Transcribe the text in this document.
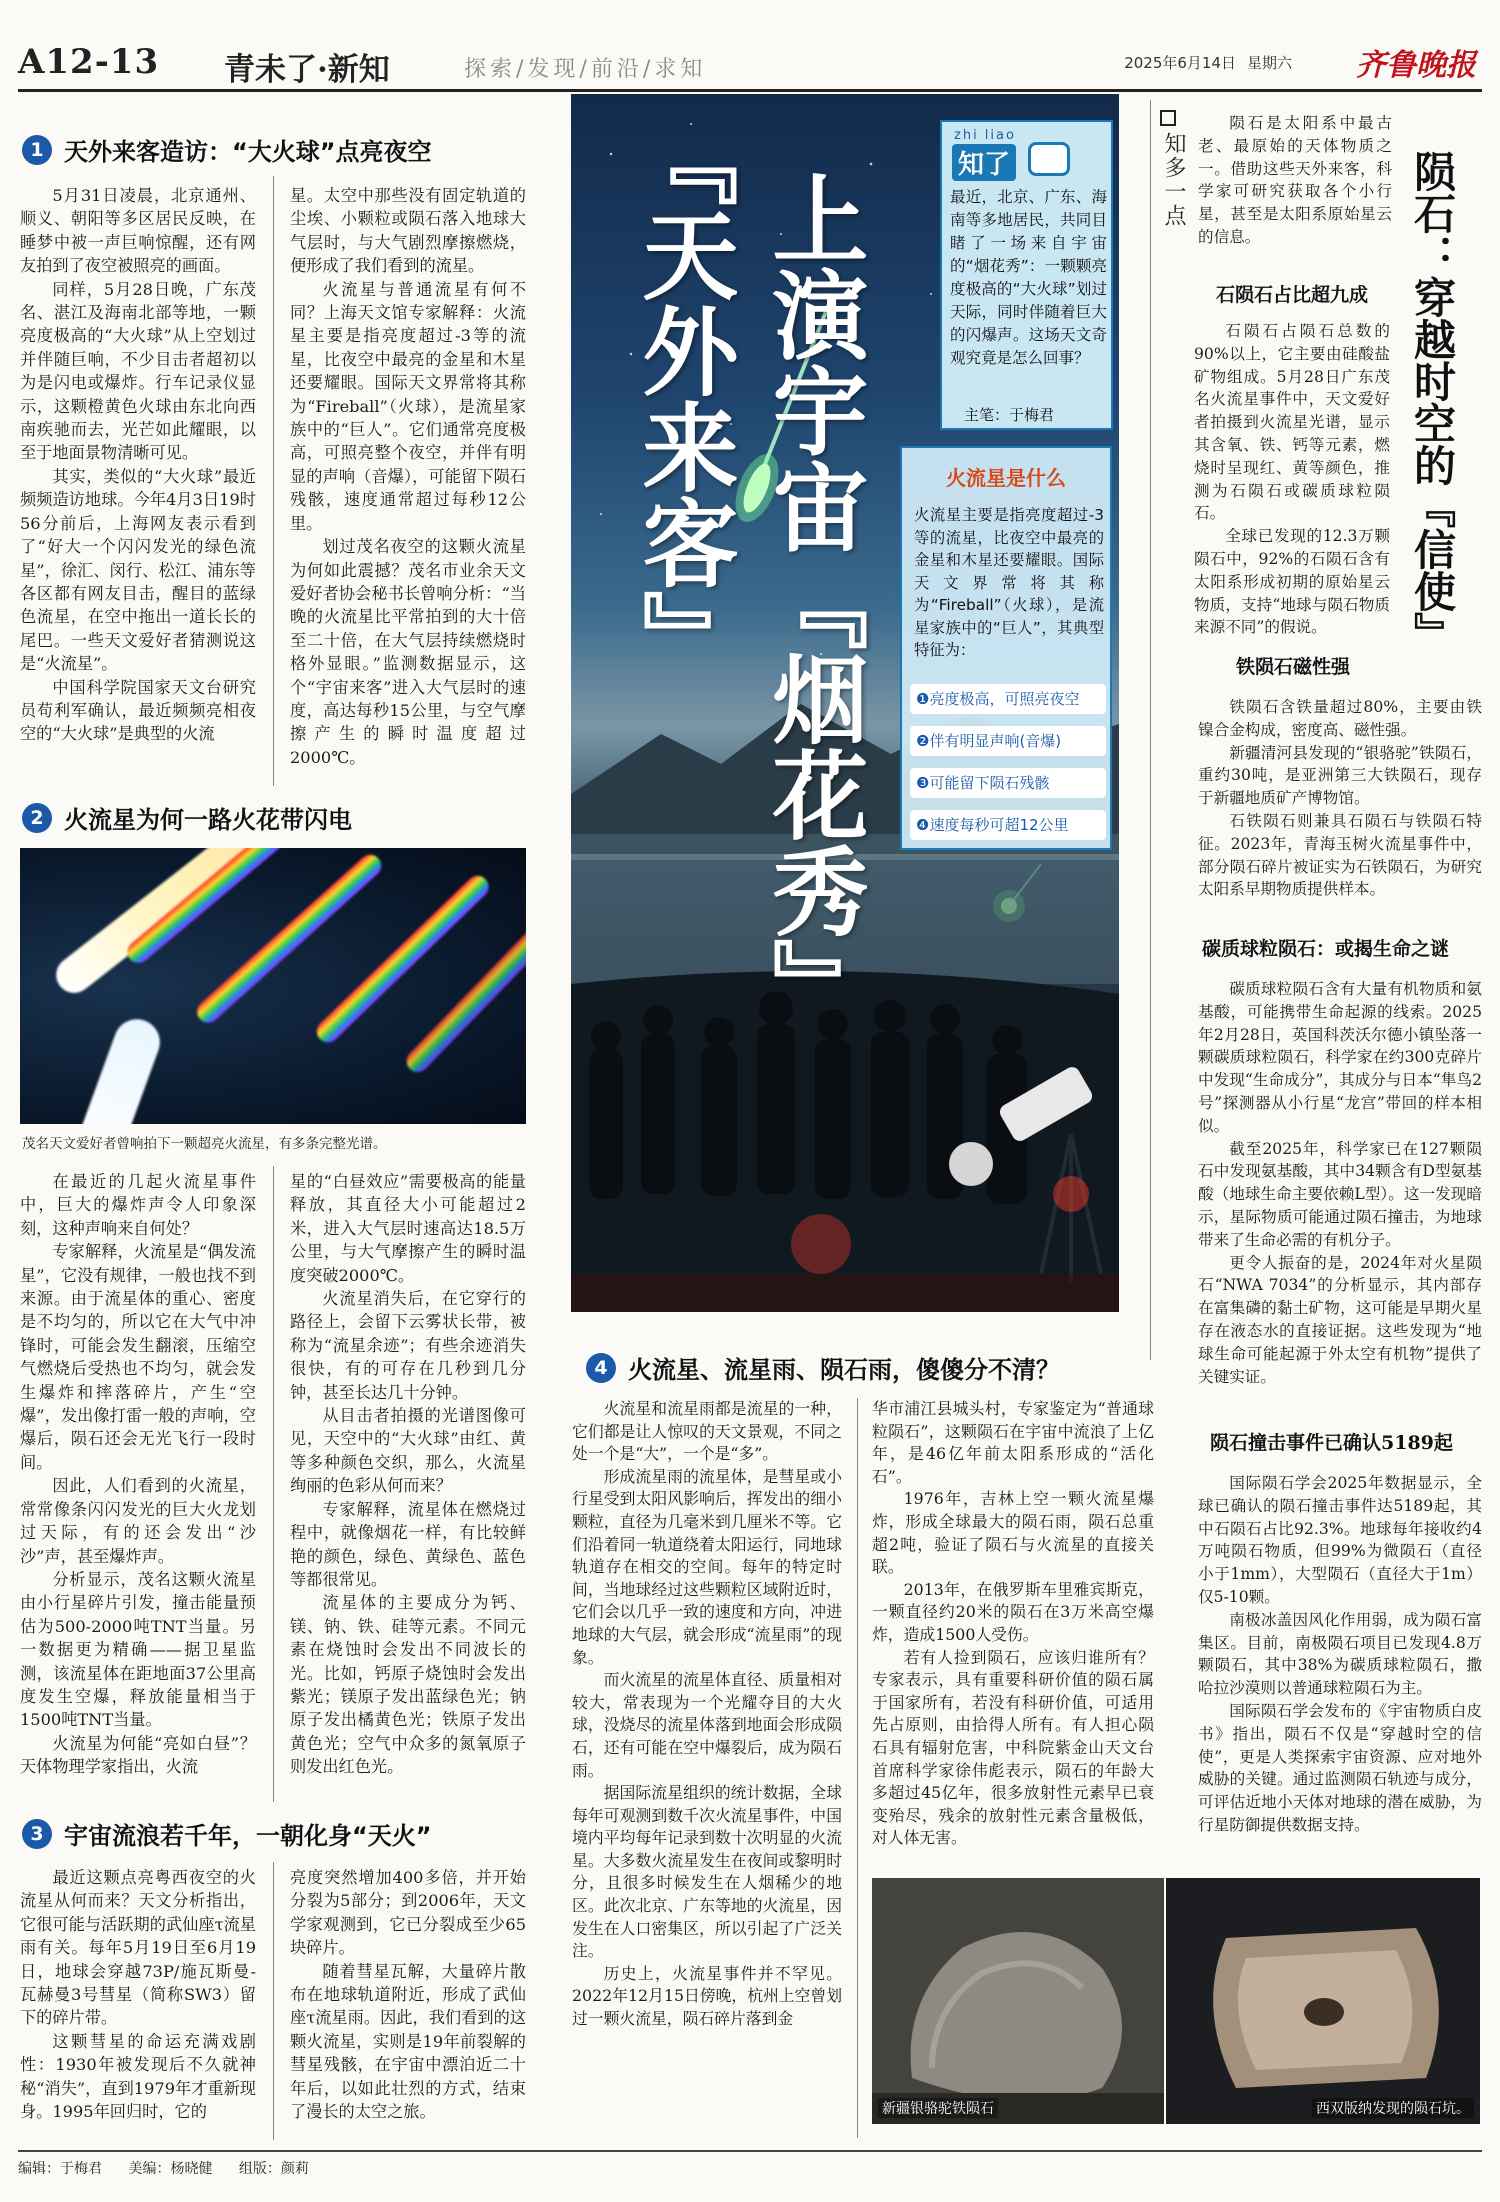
A12-13 青未了·新知	探索/发现/前沿/求知	2025年6月14日 星期六 齐鲁晚报
1 天外来客造访：“大火球”点亮夜空

5月31日凌晨，北京通州、顺义、朝阳等多区居民反映，在睡梦中被一声巨响惊醒，还有网友拍到了夜空被照亮的画面。

同样，5月28日晚，广东茂名、湛江及海南北部等地，一颗亮度极高的“大火球”从上空划过并伴随巨响，不少目击者超初以为是闪电或爆炸。行车记录仪显示，这颗橙黄色火球由东北向西南疾驰而去，光芒如此耀眼，以至于地面景物清晰可见。

其实，类似的“大火球”最近频频造访地球。今年4月3日19时56分前后，上海网友表示看到了“好大一个闪闪发光的绿色流星”，徐汇、闵行、松江、浦东等各区都有网友目击，醒目的蓝绿色流星，在空中拖出一道长长的尾巴。一些天文爱好者猜测说这是“火流星”。

中国科学院国家天文台研究员苟利军确认，最近频频亮相夜空的“大火球”是典型的火流

星。太空中那些没有固定轨道的尘埃、小颗粒或陨石落入地球大气层时，与大气剧烈摩擦燃烧，便形成了我们看到的流星。

火流星与普通流星有何不同？上海天文馆专家解释：火流星主要是指亮度超过-3等的流星，比夜空中最亮的金星和木星还要耀眼。国际天文界常将其称为“Fireball”（火球），是流星家族中的“巨人”。它们通常亮度极高，可照亮整个夜空，并伴有明显的声响（音爆），可能留下陨石残骸，速度通常超过每秒12公里。

划过茂名夜空的这颗火流星为何如此震撼？茂名市业余天文爱好者协会秘书长曾响分析：“当晚的火流星比平常拍到的大十倍至二十倍，在大气层持续燃烧时格外显眼。”监测数据显示，这个“宇宙来客”进入大气层时的速度，高达每秒15公里，与空气摩擦产生的瞬时温度超过2000℃。

2 火流星为何一路火花带闪电
茂名天文爱好者曾响拍下一颗超亮火流星，有多条完整光谱。

在最近的几起火流星事件中，巨大的爆炸声令人印象深刻，这种声响来自何处？

专家解释，火流星是“偶发流星”，它没有规律，一般也找不到来源。由于流星体的重心、密度是不均匀的，所以它在大气中冲锋时，可能会发生翻滚，压缩空气燃烧后受热也不均匀，就会发生爆炸和摔落碎片，产生“空爆”，发出像打雷一般的声响，空爆后，陨石还会无光飞行一段时间。

因此，人们看到的火流星，常常像条闪闪发光的巨大火龙划过天际，有的还会发出“沙沙”声，甚至爆炸声。

分析显示，茂名这颗火流星由小行星碎片引发，撞击能量预估为500-2000吨TNT当量。另一数据更为精确——据卫星监测，该流星体在距地面37公里高度发生空爆，释放能量相当于1500吨TNT当量。

火流星为何能“亮如白昼”？天体物理学家指出，火流

星的“白昼效应”需要极高的能量释放，其直径大小可能超过2米，进入大气层时速高达18.5万公里，与大气摩擦产生的瞬时温度突破2000℃。

火流星消失后，在它穿行的路径上，会留下云雾状长带，被称为“流星余迹”；有些余迹消失很快，有的可存在几秒到几分钟，甚至长达几十分钟。

从目击者拍摄的光谱图像可见，天空中的“大火球”由红、黄等多种颜色交织，那么，火流星绚丽的色彩从何而来？

专家解释，流星体在燃烧过程中，就像烟花一样，有比较鲜艳的颜色，绿色、黄绿色、蓝色等都很常见。

流星体的主要成分为钙、镁、钠、铁、硅等元素。不同元素在烧蚀时会发出不同波长的光。比如，钙原子烧蚀时会发出紫光；镁原子发出蓝绿色光；钠原子发出橘黄色光；铁原子发出黄色光；空气中众多的氮氧原子则发出红色光。

3 宇宙流浪若千年，一朝化身“天火”

最近这颗点亮粤西夜空的火流星从何而来？天文分析指出，它很可能与活跃期的武仙座τ流星雨有关。每年5月19日至6月19日，地球会穿越73P/施瓦斯曼-瓦赫曼3号彗星（简称SW3）留下的碎片带。

这颗彗星的命运充满戏剧性：1930年被发现后不久就神秘“消失”，直到1979年才重新现身。1995年回归时，它的

亮度突然增加400多倍，并开始分裂为5部分；到2006年，天文学家观测到，它已分裂成至少65块碎片。

随着彗星瓦解，大量碎片散布在地球轨道附近，形成了武仙座τ流星雨。因此，我们看到的这颗火流星，实则是19年前裂解的彗星残骸，在宇宙中漂泊近二十年后，以如此壮烈的方式，结束了漫长的太空之旅。

『天外来客』 上演宇宙『烟花秀』
zhi liao
知了
最近，北京、广东、海南等多地居民，共同目睹了一场来自宇宙的“烟花秀”：一颗颗亮度极高的“大火球”划过天际，同时伴随着巨大的闪爆声。这场天文奇观究竟是怎么回事？
主笔：于梅君
火流星是什么
火流星主要是指亮度超过-3等的流星，比夜空中最亮的金星和木星还要耀眼。国际天文界常将其称为“Fireball”（火球），是流星家族中的“巨人”，其典型特征为：
❶亮度极高，可照亮夜空
❷伴有明显声响(音爆)
❸可能留下陨石残骸
❹速度每秒可超12公里
4 火流星、流星雨、陨石雨，傻傻分不清？

火流星和流星雨都是流星的一种，它们都是让人惊叹的天文景观，不同之处一个是“大”，一个是“多”。

形成流星雨的流星体，是彗星或小行星受到太阳风影响后，挥发出的细小颗粒，直径为几毫米到几厘米不等。它们沿着同一轨道绕着太阳运行，同地球轨道存在相交的空间。每年的特定时间，当地球经过这些颗粒区域附近时，它们会以几乎一致的速度和方向，冲进地球的大气层，就会形成“流星雨”的现象。

而火流星的流星体直径、质量相对较大，常表现为一个光耀夺目的大火球，没烧尽的流星体落到地面会形成陨石，还有可能在空中爆裂后，成为陨石雨。

据国际流星组织的统计数据，全球每年可观测到数千次火流星事件，中国境内平均每年记录到数十次明显的火流星。大多数火流星发生在夜间或黎明时分，且很多时候发生在人烟稀少的地区。此次北京、广东等地的火流星，因发生在人口密集区，所以引起了广泛关注。

历史上，火流星事件并不罕见。2022年12月15日傍晚，杭州上空曾划过一颗火流星，陨石碎片落到金

华市浦江县城头村，专家鉴定为“普通球粒陨石”，这颗陨石在宇宙中流浪了上亿年，是46亿年前太阳系形成的“活化石”。

1976年，吉林上空一颗火流星爆炸，形成全球最大的陨石雨，陨石总重超2吨，验证了陨石与火流星的直接关联。

2013年，在俄罗斯车里雅宾斯克，一颗直径约20米的陨石在3万米高空爆炸，造成1500人受伤。

若有人捡到陨石，应该归谁所有？专家表示，具有重要科研价值的陨石属于国家所有，若没有科研价值，可适用先占原则，由拾得人所有。有人担心陨石具有辐射危害，中科院紫金山天文台首席科学家徐伟彪表示，陨石的年龄大多超过45亿年，很多放射性元素早已衰变殆尽，残余的放射性元素含量极低，对人体无害。

新疆银骆驼铁陨石	西双版纳发现的陨石坑。
知多一点	陨石：穿越时空的『信使』

陨石是太阳系中最古老、最原始的天体物质之一。借助这些天外来客，科学家可研究获取各个小行星，甚至是太阳系原始星云的信息。

石陨石占比超九成

石陨石占陨石总数的90%以上，它主要由硅酸盐矿物组成。5月28日广东茂名火流星事件中，天文爱好者拍摄到火流星光谱，显示其含氧、铁、钙等元素，燃烧时呈现红、黄等颜色，推测为石陨石或碳质球粒陨石。

全球已发现的12.3万颗陨石中，92%的石陨石含有太阳系形成初期的原始星云物质，支持“地球与陨石物质来源不同”的假说。

铁陨石磁性强

铁陨石含铁量超过80%，主要由铁镍合金构成，密度高、磁性强。

新疆清河县发现的“银骆驼”铁陨石，重约30吨，是亚洲第三大铁陨石，现存于新疆地质矿产博物馆。

石铁陨石则兼具石陨石与铁陨石特征。2023年，青海玉树火流星事件中，部分陨石碎片被证实为石铁陨石，为研究太阳系早期物质提供样本。

碳质球粒陨石：或揭生命之谜

碳质球粒陨石含有大量有机物质和氨基酸，可能携带生命起源的线索。2025年2月28日，英国科茨沃尔德小镇坠落一颗碳质球粒陨石，科学家在约300克碎片中发现“生命成分”，其成分与日本“隼鸟2号”探测器从小行星“龙宫”带回的样本相似。

截至2025年，科学家已在127颗陨石中发现氨基酸，其中34颗含有D型氨基酸（地球生命主要依赖L型）。这一发现暗示，星际物质可能通过陨石撞击，为地球带来了生命必需的有机分子。

更令人振奋的是，2024年对火星陨石“NWA 7034”的分析显示，其内部存在富集磷的黏土矿物，这可能是早期火星存在液态水的直接证据。这些发现为“地球生命可能起源于外太空有机物”提供了关键实证。

陨石撞击事件已确认5189起

国际陨石学会2025年数据显示，全球已确认的陨石撞击事件达5189起，其中石陨石占比92.3%。地球每年接收约4万吨陨石物质，但99%为微陨石（直径小于1mm），大型陨石（直径大于1m）仅5-10颗。

南极冰盖因风化作用弱，成为陨石富集区。目前，南极陨石项目已发现4.8万颗陨石，其中38%为碳质球粒陨石，撒哈拉沙漠则以普通球粒陨石为主。

国际陨石学会发布的《宇宙物质白皮书》指出，陨石不仅是“穿越时空的信使”，更是人类探索宇宙资源、应对地外威胁的关键。通过监测陨石轨迹与成分，可评估近地小天体对地球的潜在威胁，为行星防御提供数据支持。

编辑：于梅君 美编：杨晓健 组版：颜莉
